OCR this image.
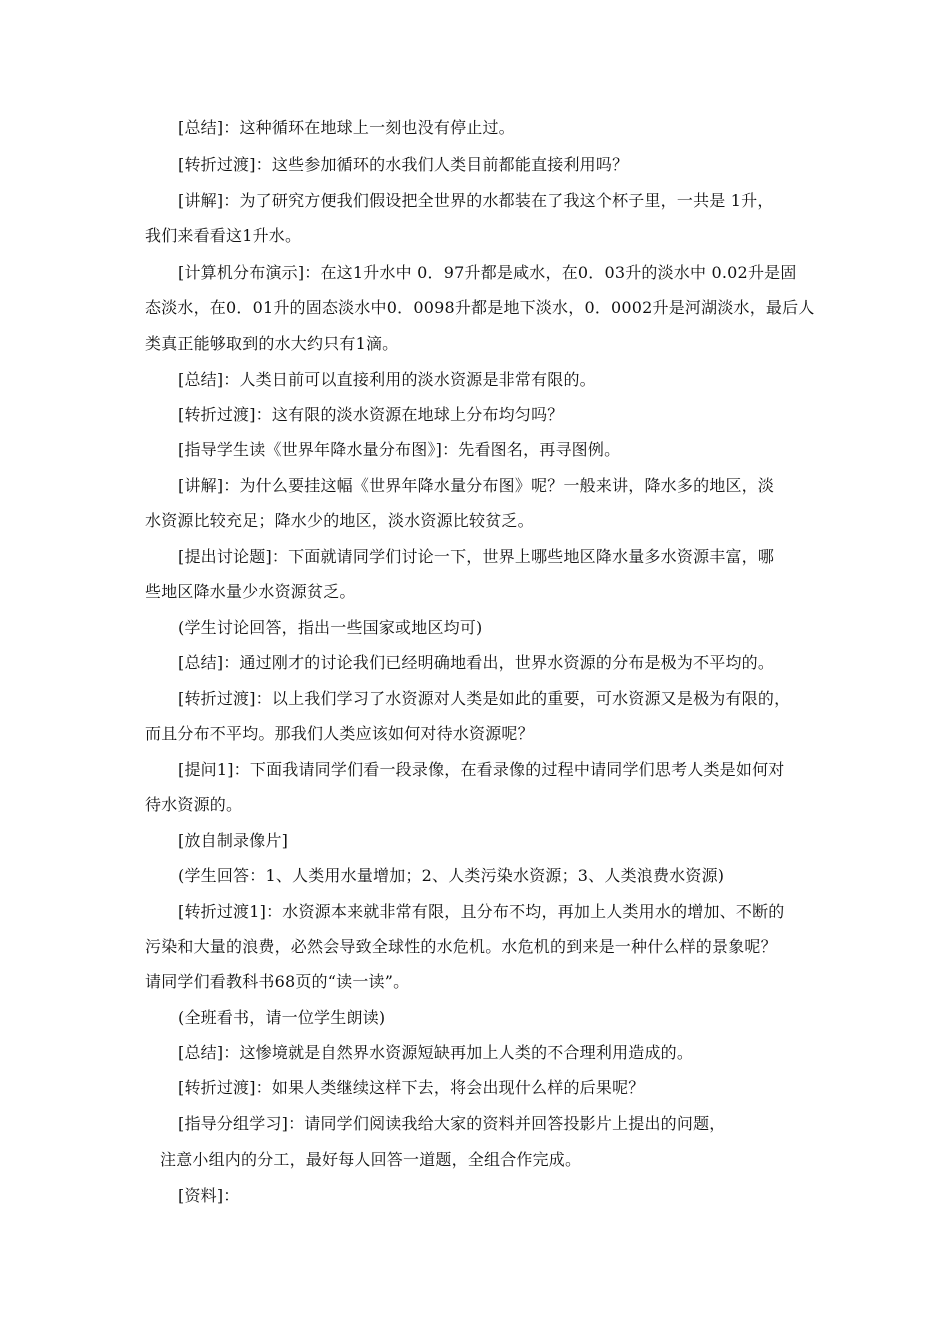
[总结]：这种循环在地球上一刻也没有停止过。
[转折过渡]：这些参加循环的水我们人类目前都能直接利用吗？
[讲解]：为了研究方便我们假设把全世界的水都装在了我这个杯子里，一共是 1升，
我们来看看这1升水。
[计算机分布演示]：在这1升水中 0．97升都是咸水，在0．03升的淡水中 0.02升是固
态淡水，在0．01升的固态淡水中0．0098升都是地下淡水，0．0002升是河湖淡水，最后人
类真正能够取到的水大约只有1滴。
[总结]：人类日前可以直接利用的淡水资源是非常有限的。
[转折过渡]：这有限的淡水资源在地球上分布均匀吗？
[指导学生读《世界年降水量分布图》]：先看图名，再寻图例。
[讲解]：为什么要挂这幅《世界年降水量分布图》呢？一般来讲，降水多的地区，淡
水资源比较充足；降水少的地区，淡水资源比较贫乏。
[提出讨论题]：下面就请同学们讨论一下，世界上哪些地区降水量多水资源丰富，哪
些地区降水量少水资源贫乏。
(学生讨论回答，指出一些国家或地区均可)
[总结]：通过刚才的讨论我们已经明确地看出，世界水资源的分布是极为不平均的。
[转折过渡]：以上我们学习了水资源对人类是如此的重要，可水资源又是极为有限的，
而且分布不平均。那我们人类应该如何对待水资源呢？
[提问1]：下面我请同学们看一段录像，在看录像的过程中请同学们思考人类是如何对
待水资源的。
[放自制录像片]
(学生回答：1、人类用水量增加；2、人类污染水资源；3、人类浪费水资源)
[转折过渡1]：水资源本来就非常有限，且分布不均，再加上人类用水的增加、不断的
污染和大量的浪费，必然会导致全球性的水危机。水危机的到来是一种什么样的景象呢？
请同学们看教科书68页的“读一读”。
(全班看书，请一位学生朗读)
[总结]：这惨境就是自然界水资源短缺再加上人类的不合理利用造成的。
[转折过渡]：如果人类继续这样下去，将会出现什么样的后果呢？
[指导分组学习]：请同学们阅读我给大家的资料并回答投影片上提出的问题，
注意小组内的分工，最好每人回答一道题，全组合作完成。
[资料]：
